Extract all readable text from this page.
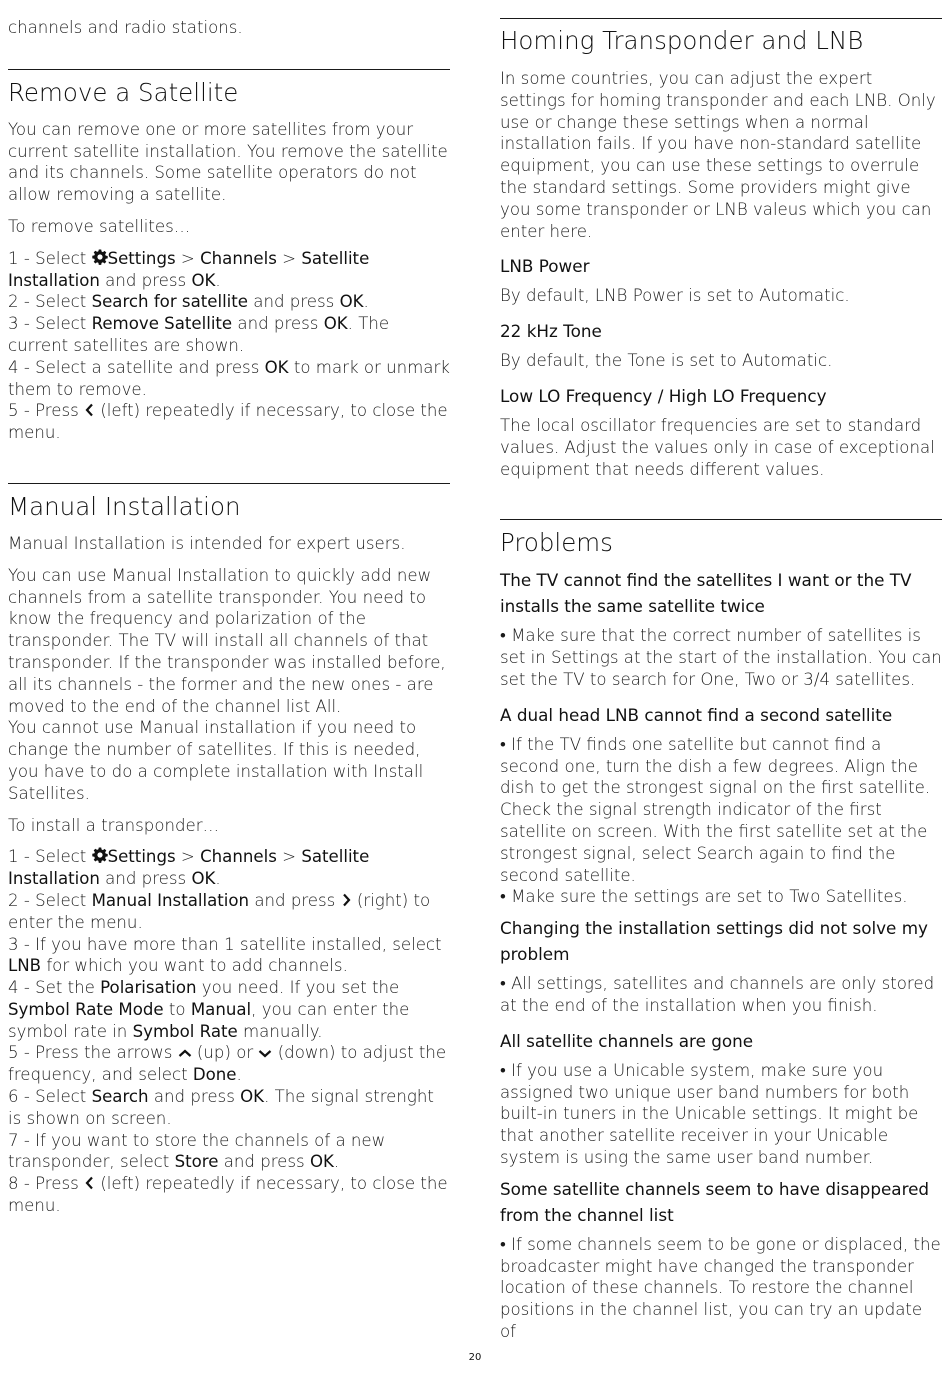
channels and radio stations.

Remove a Satellite

You can remove one or more satellites from your current satellite installation. You remove the satellite and its channels. Some satellite operators do not allow removing a satellite.

To remove satellites…

1 - Select
Settings > Channels > Satellite Installation and press OK.

2 - Select Search for satellite and press OK.

3 - Select Remove Satellite and press OK. The current satellites are shown.

4 - Select a satellite and press OK to mark or unmark them to remove.

5 - Press
(left) repeatedly if necessary, to close the menu.

Manual Installation

Manual Installation is intended for expert users.

You can use Manual Installation to quickly add new channels from a satellite transponder. You need to know the frequency and polarization of the transponder. The TV will install all channels of that transponder. If the transponder was installed before, all its channels - the former and the new ones - are moved to the end of the channel list All.

You cannot use Manual installation if you need to change the number of satellites. If this is needed, you have to do a complete installation with Install Satellites.

To install a transponder…

1 - Select
Settings > Channels > Satellite Installation and press OK.

2 - Select Manual Installation and press
(right) to enter the menu.

3 - If you have more than 1 satellite installed, select LNB for which you want to add channels.

4 - Set the Polarisation you need. If you set the Symbol Rate Mode to Manual, you can enter the symbol rate in Symbol Rate manually.

5 - Press the arrows
(up) or
(down) to adjust the frequency, and select Done.

6 - Select Search and press OK. The signal strenght is shown on screen.

7 - If you want to store the channels of a new transponder, select Store and press OK.

8 - Press
(left) repeatedly if necessary, to close the menu.

Homing Transponder and LNB

In some countries, you can adjust the expert settings for homing transponder and each LNB. Only use or change these settings when a normal installation fails. If you have non-standard satellite equipment, you can use these settings to overrule the standard settings. Some providers might give you some transponder or LNB valeus which you can enter here.

LNB Power

By default, LNB Power is set to Automatic.

22 kHz Tone

By default, the Tone is set to Automatic.

Low LO Frequency / High LO Frequency

The local oscillator frequencies are set to standard values. Adjust the values only in case of exceptional equipment that needs different values.

Problems
The TV cannot find the satellites I want or the TV installs the same satellite twice

• Make sure that the correct number of satellites is set in Settings at the start of the installation. You can set the TV to search for One, Two or 3/4 satellites.

A dual head LNB cannot find a second satellite

• If the TV finds one satellite but cannot find a second one, turn the dish a few degrees. Align the dish to get the strongest signal on the first satellite. Check the signal strength indicator of the first satellite on screen. With the first satellite set at the strongest signal, select Search again to find the second satellite.

• Make sure the settings are set to Two Satellites.

Changing the installation settings did not solve my problem

• All settings, satellites and channels are only stored at the end of the installation when you finish.

All satellite channels are gone

• If you use a Unicable system, make sure you assigned two unique user band numbers for both built-in tuners in the Unicable settings. It might be that another satellite receiver in your Unicable system is using the same user band number.

Some satellite channels seem to have disappeared from the channel list

• If some channels seem to be gone or displaced, the broadcaster might have changed the transponder location of these channels. To restore the channel positions in the channel list, you can try an update of

20
